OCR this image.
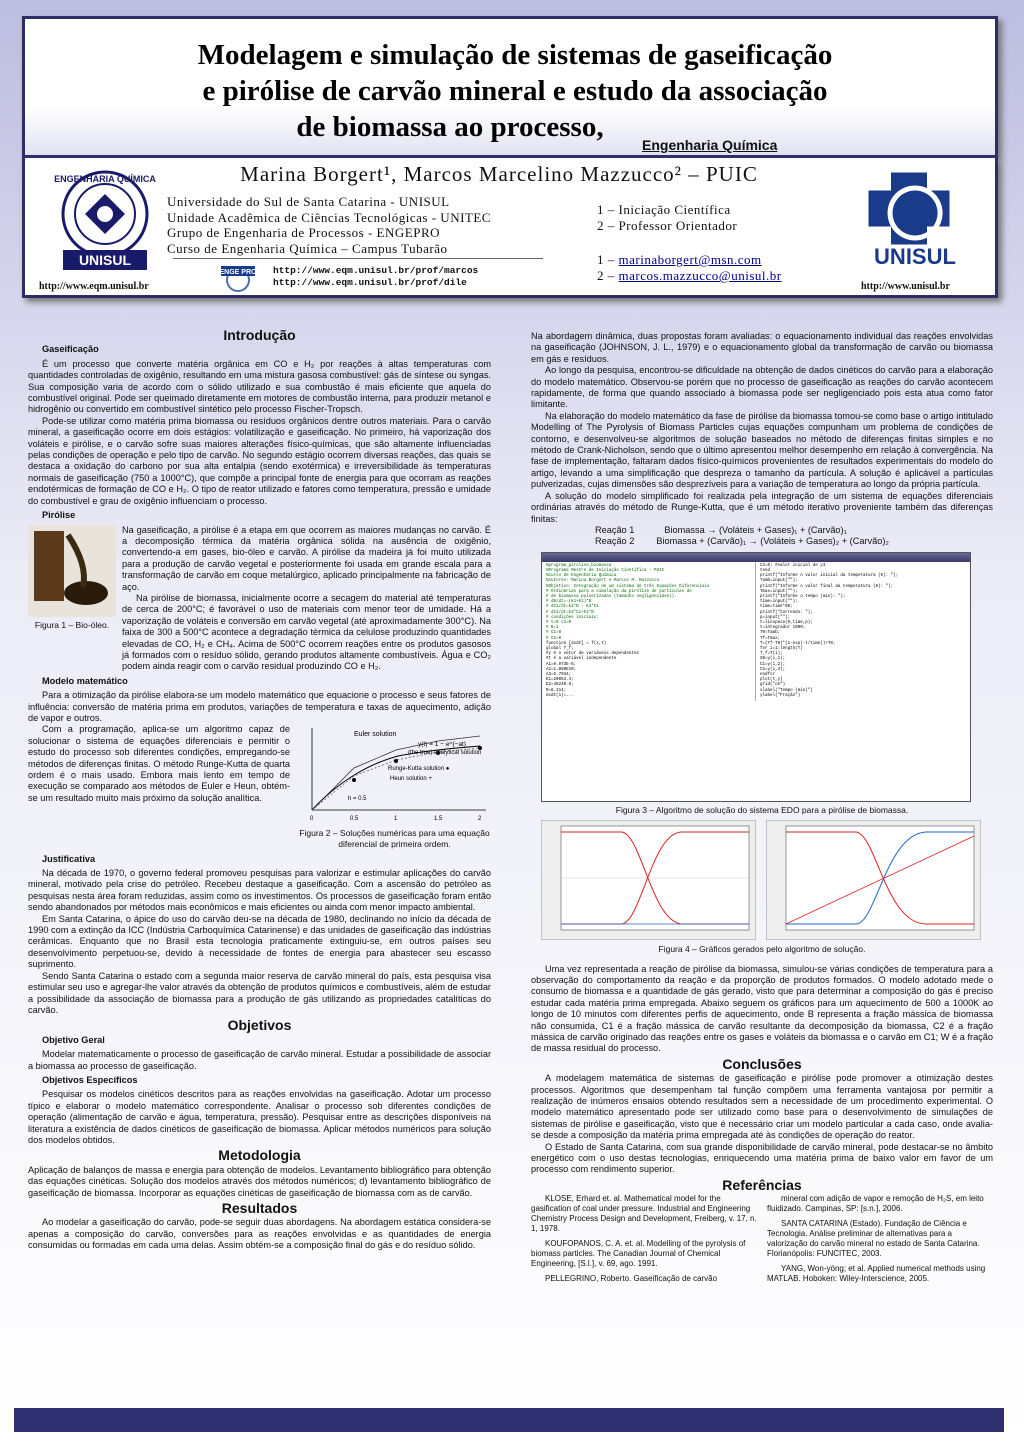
Modelagem e simulação de sistemas de gaseificação
e pirólise de carvão mineral e estudo da associação
de biomassa ao processo,
Engenharia Química
ENGENHARIA QUÍMICA
UNISUL
http://www.eqm.unisul.br
Marina Borgert¹, Marcos Marcelino Mazzucco² – PUIC
Universidade do Sul de Santa Catarina - UNISUL
Unidade Acadêmica de Ciências Tecnológicas - UNITEC
Grupo de Engenharia de Processos - ENGEPRO
Curso de Engenharia Química – Campus Tubarão
ENGE PRO http://www.eqm.unisul.br/prof/marcos
http://www.eqm.unisul.br/prof/dile
1 – Iniciação Científica
2 – Professor Orientador
1 – marinaborgert@msn.com
2 – marcos.mazzucco@unisul.br
UNISUL
http://www.unisul.br
Introdução
Gaseificação

É um processo que converte matéria orgânica em CO e H₂ por reações à altas temperaturas com quantidades controladas de oxigênio, resultando em uma mistura gasosa combustível: gás de síntese ou syngas. Sua composição varia de acordo com o sólido utilizado e sua combustão é mais eficiente que aquela do combustível original. Pode ser queimado diretamente em motores de combustão interna, para produzir metanol e hidrogênio ou convertido em combustível sintético pelo processo Fischer-Tropsch.

Pode-se utilizar como matéria prima biomassa ou resíduos orgânicos dentre outros materiais. Para o carvão mineral, a gaseificação ocorre em dois estágios: volatilização e gaseificação. No primeiro, há vaporização dos voláteis e pirólise, e o carvão sofre suas maiores alterações físico-químicas, que são altamente influenciadas pelas condições de operação e pelo tipo de carvão. No segundo estágio ocorrem diversas reações, das quais se destaca a oxidação do carbono por sua alta entalpia (sendo exotérmica) e irreversibilidade às temperaturas normais de gaseificação (750 a 1000°C), que compõe a principal fonte de energia para que ocorram as reações endotérmicas de formação de CO e H₂. O tipo de reator utilizado e fatores como temperatura, pressão e umidade do combustível e grau de oxigênio influenciam o processo.

Pirólise
Figura 1 – Bio-óleo.

Na gaseificação, a pirólise é a etapa em que ocorrem as maiores mudanças no carvão. É a decomposição térmica da matéria orgânica sólida na ausência de oxigênio, convertendo-a em gases, bio-óleo e carvão. A pirólise da madeira já foi muito utilizada para a produção de carvão vegetal e posteriormente foi usada em grande escala para a transformação de carvão em coque metalúrgico, aplicado principalmente na fabricação de aço.

Na pirólise de biomassa, inicialmente ocorre a secagem do material até temperaturas de cerca de 200°C; é favorável o uso de materiais com menor teor de umidade. Há a vaporização de voláteis e conversão em carvão vegetal (até aproximadamente 300°C). Na faixa de 300 a 500°C acontece a degradação térmica da celulose produzindo quantidades elevadas de CO, H₂ e CH₄. Acima de 500°C ocorrem reações entre os produtos gasosos já formados com o resíduo sólido, gerando produtos altamente combustíveis. Água e CO₂ podem ainda reagir com o carvão residual produzindo CO e H₂.

Modelo matemático

Para a otimização da pirólise elabora-se um modelo matemático que equacione o processo e seus fatores de influência: conversão de matéria prima em produtos, variações de temperatura e taxas de aquecimento, adição de vapor e outros.

Com a programação, aplica-se um algoritmo capaz de solucionar o sistema de equações diferenciais e permitir o estudo do processo sob diferentes condições, empregando-se métodos de diferenças finitas. O método Runge-Kutta de quarta ordem é o mais usado. Embora mais lento em tempo de execução se comparado aos métodos de Euler e Heun, obtém-se um resultado muito mais próximo da solução analítica.

Euler solution
(the true) analytical solution
y(t) = 1 − e^{−at}
Runge-Kutta solution ●
Heun solution +
h = 0.5
0	0.5	1	1.5	2
Figura 2 – Soluções numéricas para uma equação diferencial de primeira ordem.
Justificativa

Na década de 1970, o governo federal promoveu pesquisas para valorizar e estimular aplicações do carvão mineral, motivado pela crise do petróleo. Recebeu destaque a gaseificação. Com a ascensão do petróleo as pesquisas nesta área foram reduzidas, assim como os investimentos. Os processos de gaseificação foram então sendo abandonados por métodos mais econômicos e mais eficientes ou ainda com menor impacto ambiental.

Em Santa Catarina, o ápice do uso do carvão deu-se na década de 1980, declinando no início da década de 1990 com a extinção da ICC (Indústria Carboquímica Catarinense) e das unidades de gaseificação das indústrias cerâmicas. Enquanto que no Brasil esta tecnologia praticamente extinguiu-se, em outros países seu desenvolvimento perpetuou-se, devido à necessidade de fontes de energia para abastecer seu escasso suprimento.

Sendo Santa Catarina o estado com a segunda maior reserva de carvão mineral do país, esta pesquisa visa estimular seu uso e agregar-lhe valor através da obtenção de produtos químicos e combustíveis, além de estudar a possibilidade da associação de biomassa para a produção de gás utilizando as propriedades catalíticas do carvão.

Objetivos
Objetivo Geral

Modelar matematicamente o processo de gaseificação de carvão mineral. Estudar a possibilidade de associar a biomassa ao processo de gaseificação.

Objetivos Específicos

Pesquisar os modelos cinéticos descritos para as reações envolvidas na gaseificação. Adotar um processo típico e elaborar o modelo matemático correspondente. Analisar o processo sob diferentes condições de operação (alimentação de carvão e água, temperatura, pressão). Pesquisar entre as descrições disponíveis na literatura a existência de dados cinéticos de gaseificação de biomassa. Aplicar métodos numéricos para solução dos modelos obtidos.

Metodologia

Aplicação de balanços de massa e energia para obtenção de modelos. Levantamento bibliográfico para obtenção das equações cinéticas. Solução dos modelos através dos métodos numéricos; d) levantamento bibliográfico de gaseificação de biomassa. Incorporar as equações cinéticas de gaseificação de biomassa com as de carvão.

Resultados

Ao modelar a gaseificação do carvão, pode-se seguir duas abordagens. Na abordagem estática considera-se apenas a composição do carvão, conversões para as reações envolvidas e as quantidades de energia consumidas ou formadas em cada uma delas. Assim obtém-se a composição final do gás e do resíduo sólido.

Na abordagem dinâmica, duas propostas foram avaliadas: o equacionamento individual das reações envolvidas na gaseificação (JOHNSON, J. L., 1979) e o equacionamento global da transformação de carvão ou biomassa em gás e resíduos.

Ao longo da pesquisa, encontrou-se dificuldade na obtenção de dados cinéticos do carvão para a elaboração do modelo matemático. Observou-se porém que no processo de gaseificação as reações do carvão acontecem rapidamente, de forma que quando associado à biomassa pode ser negligenciado pois esta atua como fator limitante.

Na elaboração do modelo matemático da fase de pirólise da biomassa tomou-se como base o artigo intitulado Modelling of The Pyrolysis of Biomass Particles cujas equações compunham um problema de condições de contorno, e desenvolveu-se algoritmos de solução baseados no método de diferenças finitas simples e no método de Crank-Nicholson, sendo que o último apresentou melhor desempenho em relação à convergência. Na fase de implementação, faltaram dados físico-químicos provenientes de resultados experimentais do modelo do artigo, levando a uma simplificação que despreza o tamanho da partícula. A solução é aplicável a partículas pulverizadas, cujas dimensões são desprezíveis para a variação de temperatura ao longo da própria partícula.

A solução do modelo simplificado foi realizada pela integração de um sistema de equações diferenciais ordinárias através do método de Runge-Kutta, que é um método iterativo proveniente também das diferenças finitas:

Reação 1	Biomassa → (Voláteis + Gases)₁ + (Carvão)₁
Reação 2 Biomassa + (Carvão)₁ → (Voláteis + Gases)₂ + (Carvão)₂
%program_pirolise_biomassa
%Programa Mestre de Iniciação Científica - PUIC
%Curso de Engenharia Química
%Autores: Marina Borgert e Marcos M. Mazzucco
%Objetivo: Integração de um sistema de três Equações Diferenciais
# Ordinárias para a simulação da pirólise de partículas de
# de biomassa pulverizadas (tamanho negligenciável).
# dB/dt=-(k1+k2)*B
# dC1/dt=k1*B - K3*C1
# dC2/dt=k3*C1+k2*B
# condições iniciais:
# t=0 c1=0
# B=1
# C1=0
# C2=0
function [dxdt] = f(x,t)
global T_f;
#y é o vetor de variáveis dependentes
#t é a variável independente
A1=9.973E-5;
A2=1.068E10;
A3=5.7034;
E1=20054.4;
E2=48240.9;
R=8.314;
dxdt(1)=...
C2=0; #valor inicial de y3
tend
printf("Informe o valor inicial da temperatura (K): ");
Tamb=input("");
printf("Informe o valor final da temperatura (K): ");
Tmax=input("");
printf("Informe o tempo (min): ");
time=input("");
time=time*60;
printf("Correndo: ");
p=input("");
t=linspace(0,time,p);
t=integrador 1000;
T0=Tamb;
Tf=Tmax;
T=(Tf-T0)*(1-exp(-t/time))+T0;
for i=1:length(T)
T_f=T(i);
X0=y(i,1);
C1=y(i,2);
C2=y(i,3);
endfor
plot(t,y)
grid("on")
xlabel("Tempo (min)")
ylabel("Fração")
Figura 3 – Algoritmo de solução do sistema EDO para a pirólise de biomassa.
Figura 4 – Gráficos gerados pelo algoritmo de solução.

Uma vez representada a reação de pirólise da biomassa, simulou-se várias condições de temperatura para a observação do comportamento da reação e da proporção de produtos formados. O modelo adotado mede o consumo de biomassa e a quantidade de gás gerado, visto que para determinar a composição do gás é preciso estudar cada matéria prima empregada. Abaixo seguem os gráficos para um aquecimento de 500 a 1000K ao longo de 10 minutos com diferentes perfis de aquecimento, onde B representa a fração mássica de biomassa não consumida, C1 é a fração mássica de carvão resultante da decomposição da biomassa, C2 é a fração mássica de carvão originado das reações entre os gases e voláteis da biomassa e o carvão em C1; W é a fração de massa residual do processo.

Conclusões

A modelagem matemática de sistemas de gaseificação e pirólise pode promover a otimização destes processos. Algoritmos que desempenham tal função compõem uma ferramenta vantajosa por permitir a realização de inúmeros ensaios obtendo resultados sem a necessidade de um procedimento experimental. O modelo matemático apresentado pode ser utilizado como base para o desenvolvimento de simulações de sistemas de pirólise e gaseificação, visto que é necessário criar um modelo particular a cada caso, onde avalia-se desde a composição da matéria prima empregada até às condições de operação do reator.

O Estado de Santa Catarina, com sua grande disponibilidade de carvão mineral, pode destacar-se no âmbito energético com o uso destas tecnologias, enriquecendo uma matéria prima de baixo valor em favor de um processo com rendimento superior.

Referências

KLOSE, Erhard et. al. Mathematical model for the gasification of coal under pressure. Industrial and Engineering Chemistry Process Design and Development, Freiberg, v. 17, n. 1, 1978.

KOUFOPANOS, C. A. et. al. Modelling of the pyrolysis of biomass particles. The Canadian Journal of Chemical Engineering, [S.l.], v. 69, ago. 1991.

PELLEGRINO, Roberto. Gaseificação de carvão

mineral com adição de vapor e remoção de H₂S, em leito fluidizado. Campinas, SP: [s.n.], 2006.

SANTA CATARINA (Estado). Fundação de Ciência e Tecnologia. Análise preliminar de alternativas para a valorização do carvão mineral no estado de Santa Catarina. Florianópolis: FUNCITEC, 2003.

YANG, Won-yöng; et al. Applied numerical methods using MATLAB. Hoboken: Wiley-Interscience, 2005.
